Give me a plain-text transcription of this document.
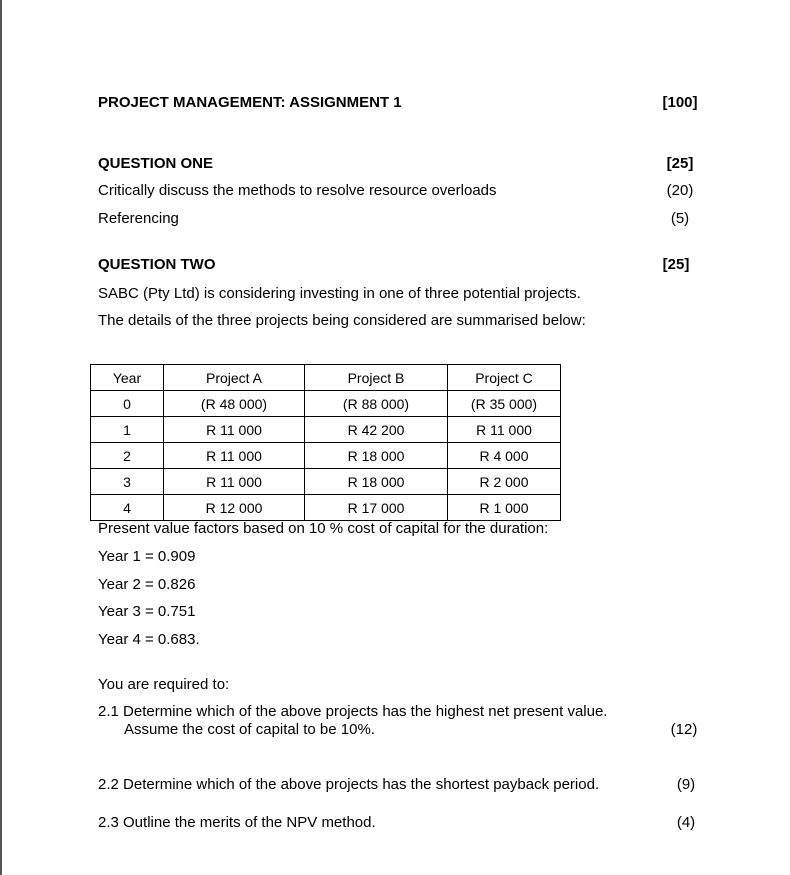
PROJECT MANAGEMENT: ASSIGNMENT 1	[100]
QUESTION ONE	[25]
Critically discuss the methods to resolve resource overloads	(20)
Referencing	(5)
QUESTION TWO	[25]
SABC (Pty Ltd) is considering investing in one of three potential projects.
The details of the three projects being considered are summarised below:
Year	Project A	Project B	Project C
0	(R 48 000)	(R 88 000)	(R 35 000)
1	R 11 000	R 42 200	R 11 000
2	R 11 000	R 18 000	R 4 000
3	R 11 000	R 18 000	R 2 000
4	R 12 000	R 17 000	R 1 000
Present value factors based on 10 % cost of capital for the duration:
Year 1 = 0.909
Year 2 = 0.826
Year 3 = 0.751
Year 4 = 0.683.
You are required to:
2.1 Determine which of the above projects has the highest net present value.
Assume the cost of capital to be 10%.	(12)
2.2 Determine which of the above projects has the shortest payback period.	(9)
2.3 Outline the merits of the NPV method.	(4)
